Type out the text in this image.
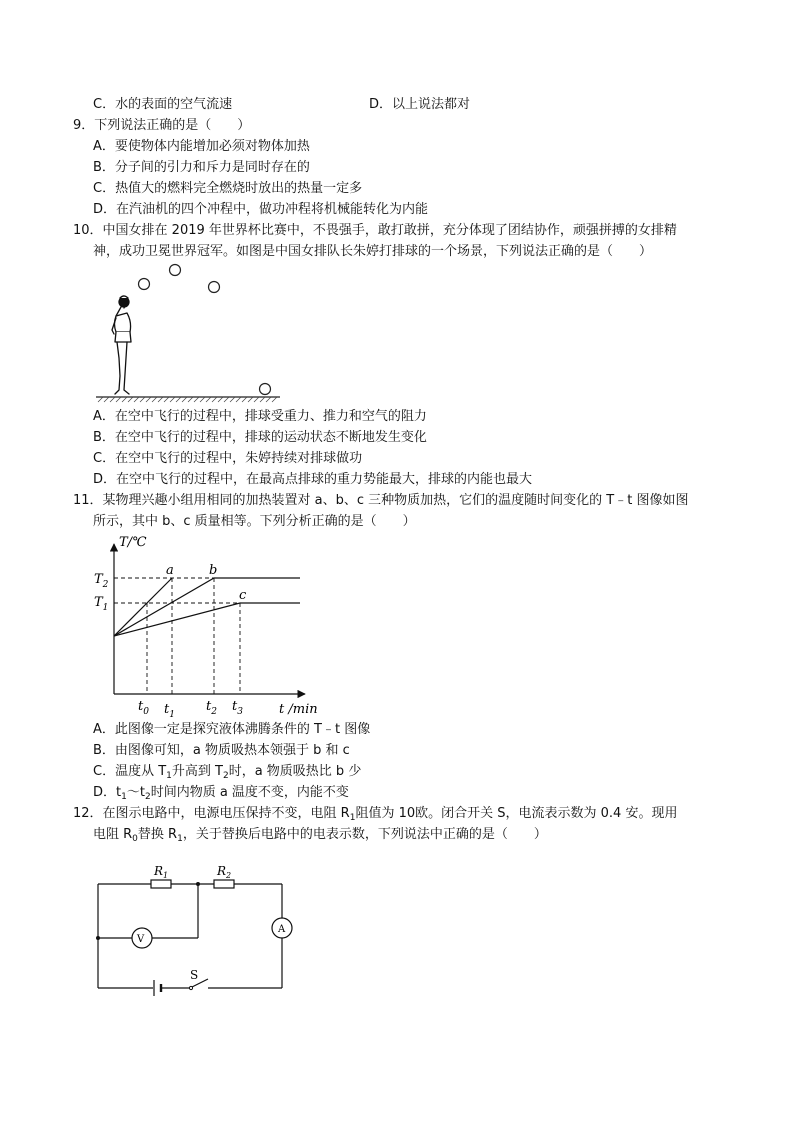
C．水的表面的空气流速	D．以上说法都对
9．下列说法正确的是（　　）
A．要使物体内能增加必须对物体加热
B．分子间的引力和斥力是同时存在的
C．热值大的燃料完全燃烧时放出的热量一定多
D．在汽油机的四个冲程中，做功冲程将机械能转化为内能
10．中国女排在 2019 年世界杯比赛中，不畏强手，敢打敢拼，充分体现了团结协作，顽强拼搏的女排精
神，成功卫冕世界冠军。如图是中国女排队长朱婷打排球的一个场景，下列说法正确的是（　　）
A．在空中飞行的过程中，排球受重力、推力和空气的阻力
B．在空中飞行的过程中，排球的运动状态不断地发生变化
C．在空中飞行的过程中，朱婷持续对排球做功
D．在空中飞行的过程中，在最高点排球的重力势能最大，排球的内能也最大
11．某物理兴趣小组用相同的加热装置对 a、b、c 三种物质加热，它们的温度随时间变化的 T﹣t 图像如图
所示，其中 b、c 质量相等。下列分析正确的是（　　）
T/℃
t /min
$T_2$
$T_1$
a	b
c
$t_0$ $t_1$
$t_2$ $t_3$
A．此图像一定是探究液体沸腾条件的 T﹣t 图像
B．由图像可知，a 物质吸热本领强于 b 和 c
C．温度从 $T_1$升高到 $T_2$时，a 物质吸热比 b 少
D．$t_1\sim t_2$时间内物质 a 温度不变，内能不变
12．在图示电路中，电源电压保持不变，电阻 $R_1$阻值为 10欧。闭合开关 S，电流表示数为 0.4 安。现用
电阻 $R_0$替换 $R_1$，关于替换后电路中的电表示数，下列说法中正确的是（　　）
$R_1$	$R_2$
V
A
S
